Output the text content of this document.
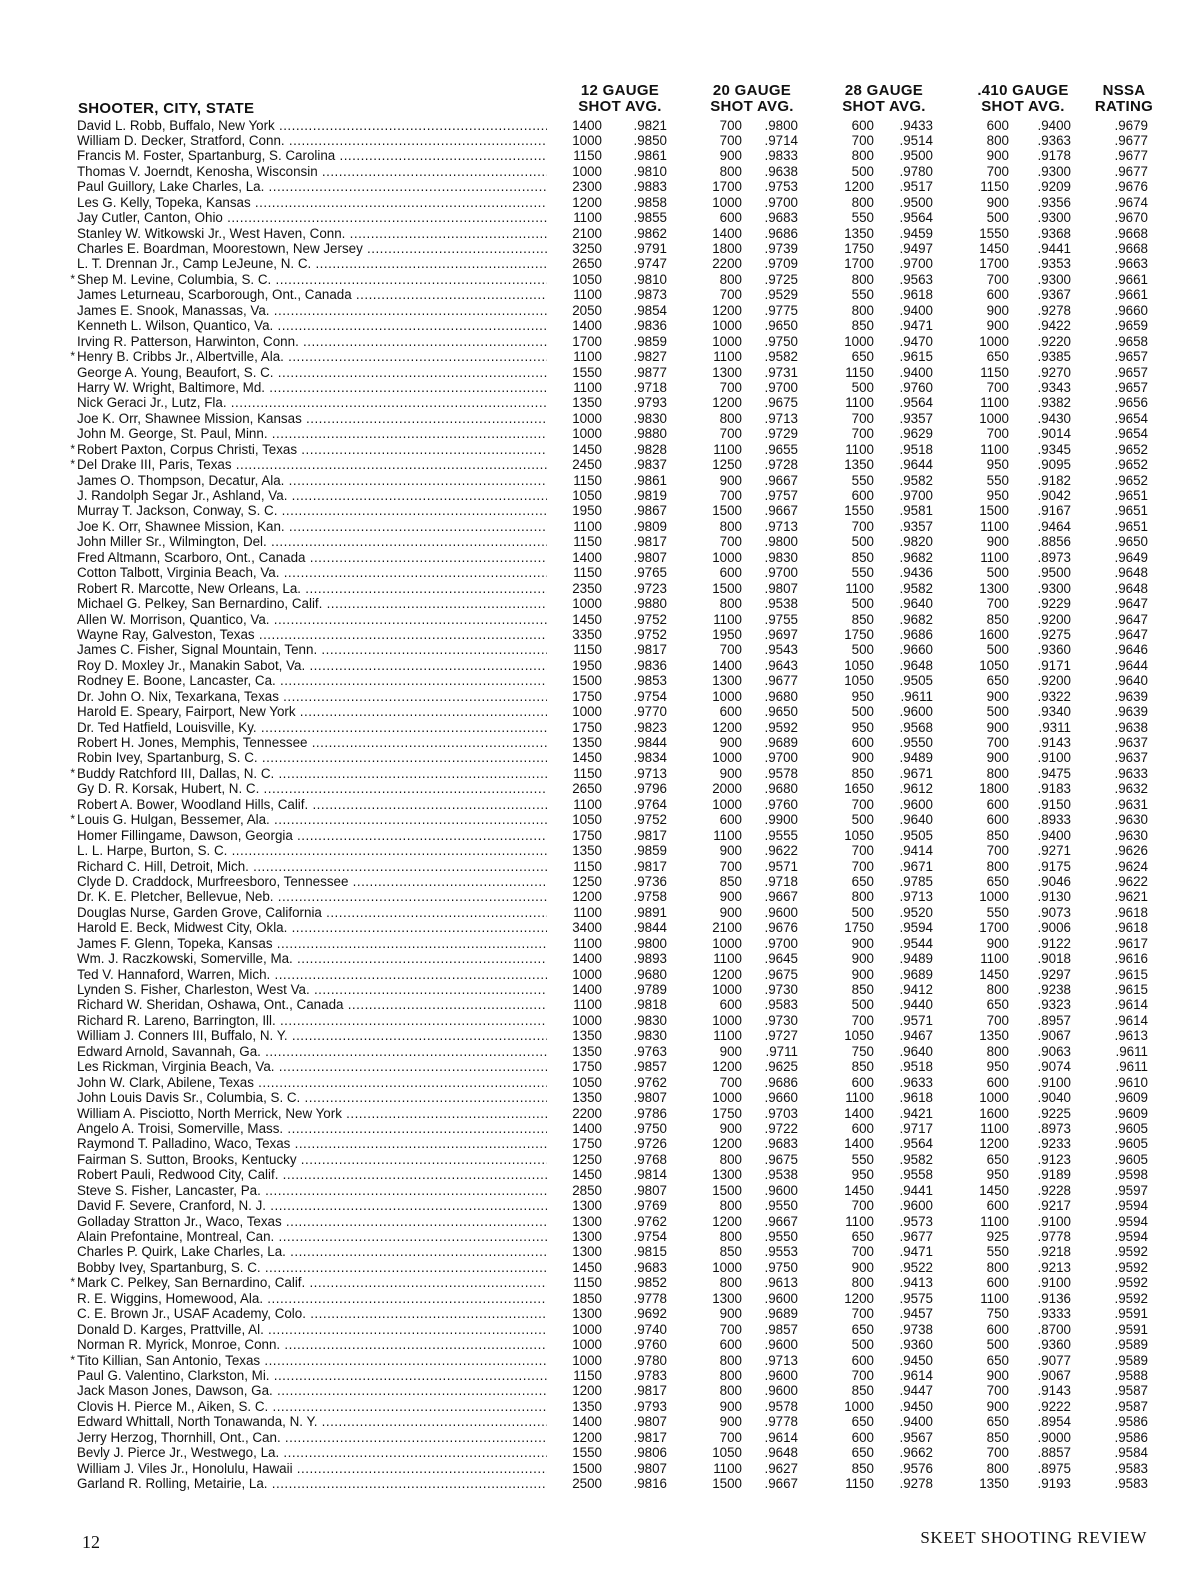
SHOOTER, CITY, STATE
12 GAUGE
SHOT AVG.
20 GAUGE
SHOT AVG.
28 GAUGE
SHOT AVG.
.410 GAUGE
SHOT AVG.
NSSA
RATING
David L. Robb, Buffalo, New York .....	1400	.9821	700	.9800	600	.9433	600	.9400	.9679
William D. Decker, Stratford, Conn. .....	1000	.9850	700	.9714	700	.9514	800	.9363	.9677
Francis M. Foster, Spartanburg, S. Carolina .....	1150	.9861	900	.9833	800	.9500	900	.9178	.9677
Thomas V. Joerndt, Kenosha, Wisconsin .....	1000	.9810	800	.9638	500	.9780	700	.9300	.9677
Paul Guillory, Lake Charles, La. .....	2300	.9883	1700	.9753	1200	.9517	1150	.9209	.9676
Les G. Kelly, Topeka, Kansas .....	1200	.9858	1000	.9700	800	.9500	900	.9356	.9674
Jay Cutler, Canton, Ohio .....	1100	.9855	600	.9683	550	.9564	500	.9300	.9670
Stanley W. Witkowski Jr., West Haven, Conn. .....	2100	.9862	1400	.9686	1350	.9459	1550	.9368	.9668
Charles E. Boardman, Moorestown, New Jersey .....	3250	.9791	1800	.9739	1750	.9497	1450	.9441	.9668
L. T. Drennan Jr., Camp LeJeune, N. C. .....	2650	.9747	2200	.9709	1700	.9700	1700	.9353	.9663
* Shep M. Levine, Columbia, S. C. .....	1050	.9810	800	.9725	800	.9563	700	.9300	.9661
James Leturneau, Scarborough, Ont., Canada .....	1100	.9873	700	.9529	550	.9618	600	.9367	.9661
James E. Snook, Manassas, Va. .....	2050	.9854	1200	.9775	800	.9400	900	.9278	.9660
Kenneth L. Wilson, Quantico, Va. .....	1400	.9836	1000	.9650	850	.9471	900	.9422	.9659
Irving R. Patterson, Harwinton, Conn. .....	1700	.9859	1000	.9750	1000	.9470	1000	.9220	.9658
* Henry B. Cribbs Jr., Albertville, Ala. .....	1100	.9827	1100	.9582	650	.9615	650	.9385	.9657
George A. Young, Beaufort, S. C. .....	1550	.9877	1300	.9731	1150	.9400	1150	.9270	.9657
Harry W. Wright, Baltimore, Md. .....	1100	.9718	700	.9700	500	.9760	700	.9343	.9657
Nick Geraci Jr., Lutz, Fla. .....	1350	.9793	1200	.9675	1100	.9564	1100	.9382	.9656
Joe K. Orr, Shawnee Mission, Kansas .....	1000	.9830	800	.9713	700	.9357	1000	.9430	.9654
John M. George, St. Paul, Minn. .....	1000	.9880	700	.9729	700	.9629	700	.9014	.9654
* Robert Paxton, Corpus Christi, Texas .....	1450	.9828	1100	.9655	1100	.9518	1100	.9345	.9652
* Del Drake III, Paris, Texas .....	2450	.9837	1250	.9728	1350	.9644	950	.9095	.9652
James O. Thompson, Decatur, Ala. .....	1150	.9861	900	.9667	550	.9582	550	.9182	.9652
J. Randolph Segar Jr., Ashland, Va. .....	1050	.9819	700	.9757	600	.9700	950	.9042	.9651
Murray T. Jackson, Conway, S. C. .....	1950	.9867	1500	.9667	1550	.9581	1500	.9167	.9651
Joe K. Orr, Shawnee Mission, Kan. .....	1100	.9809	800	.9713	700	.9357	1100	.9464	.9651
John Miller Sr., Wilmington, Del. .....	1150	.9817	700	.9800	500	.9820	900	.8856	.9650
Fred Altmann, Scarboro, Ont., Canada .....	1400	.9807	1000	.9830	850	.9682	1100	.8973	.9649
Cotton Talbott, Virginia Beach, Va. .....	1150	.9765	600	.9700	550	.9436	500	.9500	.9648
Robert R. Marcotte, New Orleans, La. .....	2350	.9723	1500	.9807	1100	.9582	1300	.9300	.9648
Michael G. Pelkey, San Bernardino, Calif. .....	1000	.9880	800	.9538	500	.9640	700	.9229	.9647
Allen W. Morrison, Quantico, Va. .....	1450	.9752	1100	.9755	850	.9682	850	.9200	.9647
Wayne Ray, Galveston, Texas .....	3350	.9752	1950	.9697	1750	.9686	1600	.9275	.9647
James C. Fisher, Signal Mountain, Tenn. .....	1150	.9817	700	.9543	500	.9660	500	.9360	.9646
Roy D. Moxley Jr., Manakin Sabot, Va. .....	1950	.9836	1400	.9643	1050	.9648	1050	.9171	.9644
Rodney E. Boone, Lancaster, Ca. .....	1500	.9853	1300	.9677	1050	.9505	650	.9200	.9640
Dr. John O. Nix, Texarkana, Texas .....	1750	.9754	1000	.9680	950	.9611	900	.9322	.9639
Harold E. Speary, Fairport, New York .....	1000	.9770	600	.9650	500	.9600	500	.9340	.9639
Dr. Ted Hatfield, Louisville, Ky. .....	1750	.9823	1200	.9592	950	.9568	900	.9311	.9638
Robert H. Jones, Memphis, Tennessee .....	1350	.9844	900	.9689	600	.9550	700	.9143	.9637
Robin Ivey, Spartanburg, S. C. .....	1450	.9834	1000	.9700	900	.9489	900	.9100	.9637
* Buddy Ratchford III, Dallas, N. C. .....	1150	.9713	900	.9578	850	.9671	800	.9475	.9633
Gy D. R. Korsak, Hubert, N. C. .....	2650	.9796	2000	.9680	1650	.9612	1800	.9183	.9632
Robert A. Bower, Woodland Hills, Calif. .....	1100	.9764	1000	.9760	700	.9600	600	.9150	.9631
* Louis G. Hulgan, Bessemer, Ala. .....	1050	.9752	600	.9900	500	.9640	600	.8933	.9630
Homer Fillingame, Dawson, Georgia .....	1750	.9817	1100	.9555	1050	.9505	850	.9400	.9630
L. L. Harpe, Burton, S. C. .....	1350	.9859	900	.9622	700	.9414	700	.9271	.9626
Richard C. Hill, Detroit, Mich. .....	1150	.9817	700	.9571	700	.9671	800	.9175	.9624
Clyde D. Craddock, Murfreesboro, Tennessee .....	1250	.9736	850	.9718	650	.9785	650	.9046	.9622
Dr. K. E. Pletcher, Bellevue, Neb. .....	1200	.9758	900	.9667	800	.9713	1000	.9130	.9621
Douglas Nurse, Garden Grove, California .....	1100	.9891	900	.9600	500	.9520	550	.9073	.9618
Harold E. Beck, Midwest City, Okla. .....	3400	.9844	2100	.9676	1750	.9594	1700	.9006	.9618
James F. Glenn, Topeka, Kansas .....	1100	.9800	1000	.9700	900	.9544	900	.9122	.9617
Wm. J. Raczkowski, Somerville, Ma. .....	1400	.9893	1100	.9645	900	.9489	1100	.9018	.9616
Ted V. Hannaford, Warren, Mich. .....	1000	.9680	1200	.9675	900	.9689	1450	.9297	.9615
Lynden S. Fisher, Charleston, West Va. .....	1400	.9789	1000	.9730	850	.9412	800	.9238	.9615
Richard W. Sheridan, Oshawa, Ont., Canada .....	1100	.9818	600	.9583	500	.9440	650	.9323	.9614
Richard R. Lareno, Barrington, Ill. .....	1000	.9830	1000	.9730	700	.9571	700	.8957	.9614
William J. Conners III, Buffalo, N. Y. .....	1350	.9830	1100	.9727	1050	.9467	1350	.9067	.9613
Edward Arnold, Savannah, Ga. .....	1350	.9763	900	.9711	750	.9640	800	.9063	.9611
Les Rickman, Virginia Beach, Va. .....	1750	.9857	1200	.9625	850	.9518	950	.9074	.9611
John W. Clark, Abilene, Texas .....	1050	.9762	700	.9686	600	.9633	600	.9100	.9610
John Louis Davis Sr., Columbia, S. C. .....	1350	.9807	1000	.9660	1100	.9618	1000	.9040	.9609
William A. Pisciotto, North Merrick, New York .....	2200	.9786	1750	.9703	1400	.9421	1600	.9225	.9609
Angelo A. Troisi, Somerville, Mass. .....	1400	.9750	900	.9722	600	.9717	1100	.8973	.9605
Raymond T. Palladino, Waco, Texas .....	1750	.9726	1200	.9683	1400	.9564	1200	.9233	.9605
Fairman S. Sutton, Brooks, Kentucky .....	1250	.9768	800	.9675	550	.9582	650	.9123	.9605
Robert Pauli, Redwood City, Calif. .....	1450	.9814	1300	.9538	950	.9558	950	.9189	.9598
Steve S. Fisher, Lancaster, Pa. .....	2850	.9807	1500	.9600	1450	.9441	1450	.9228	.9597
David F. Severe, Cranford, N. J. .....	1300	.9769	800	.9550	700	.9600	600	.9217	.9594
Golladay Stratton Jr., Waco, Texas .....	1300	.9762	1200	.9667	1100	.9573	1100	.9100	.9594
Alain Prefontaine, Montreal, Can. .....	1300	.9754	800	.9550	650	.9677	925	.9778	.9594
Charles P. Quirk, Lake Charles, La. .....	1300	.9815	850	.9553	700	.9471	550	.9218	.9592
Bobby Ivey, Spartanburg, S. C. .....	1450	.9683	1000	.9750	900	.9522	800	.9213	.9592
* Mark C. Pelkey, San Bernardino, Calif. .....	1150	.9852	800	.9613	800	.9413	600	.9100	.9592
R. E. Wiggins, Homewood, Ala. .....	1850	.9778	1300	.9600	1200	.9575	1100	.9136	.9592
C. E. Brown Jr., USAF Academy, Colo. .....	1300	.9692	900	.9689	700	.9457	750	.9333	.9591
Donald D. Karges, Prattville, Al. .....	1000	.9740	700	.9857	650	.9738	600	.8700	.9591
Norman R. Myrick, Monroe, Conn. .....	1000	.9760	600	.9600	500	.9360	500	.9360	.9589
* Tito Killian, San Antonio, Texas .....	1000	.9780	800	.9713	600	.9450	650	.9077	.9589
Paul G. Valentino, Clarkston, Mi. .....	1150	.9783	800	.9600	700	.9614	900	.9067	.9588
Jack Mason Jones, Dawson, Ga. .....	1200	.9817	800	.9600	850	.9447	700	.9143	.9587
Clovis H. Pierce M., Aiken, S. C. .....	1350	.9793	900	.9578	1000	.9450	900	.9222	.9587
Edward Whittall, North Tonawanda, N. Y. .....	1400	.9807	900	.9778	650	.9400	650	.8954	.9586
Jerry Herzog, Thornhill, Ont., Can. .....	1200	.9817	700	.9614	600	.9567	850	.9000	.9586
Bevly J. Pierce Jr., Westwego, La. .....	1550	.9806	1050	.9648	650	.9662	700	.8857	.9584
William J. Viles Jr., Honolulu, Hawaii .....	1500	.9807	1100	.9627	850	.9576	800	.8975	.9583
Garland R. Rolling, Metairie, La. .....	2500	.9816	1500	.9667	1150	.9278	1350	.9193	.9583
12	SKEET SHOOTING REVIEW
